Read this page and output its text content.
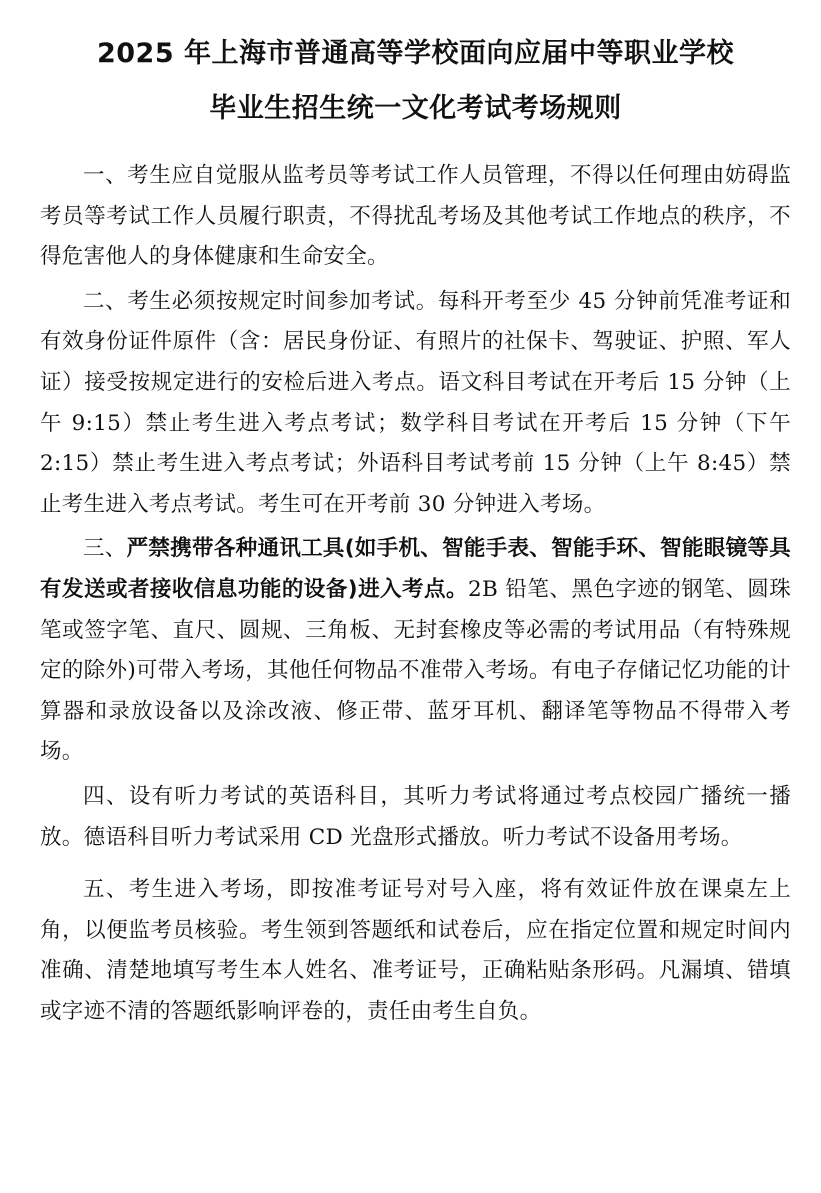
2025 年上海市普通高等学校面向应届中等职业学校
毕业生招生统一文化考试考场规则

一、考生应自觉服从监考员等考试工作人员管理，不得以任何理由妨碍监考员等考试工作人员履行职责，不得扰乱考场及其他考试工作地点的秩序，不得危害他人的身体健康和生命安全。

二、考生必须按规定时间参加考试。每科开考至少 45 分钟前凭准考证和有效身份证件原件（含：居民身份证、有照片的社保卡、驾驶证、护照、军人证）接受按规定进行的安检后进入考点。语文科目考试在开考后 15 分钟（上午 9:15）禁止考生进入考点考试；数学科目考试在开考后 15 分钟（下午 2:15）禁止考生进入考点考试；外语科目考试考前 15 分钟（上午 8:45）禁止考生进入考点考试。考生可在开考前 30 分钟进入考场。

三、严禁携带各种通讯工具(如手机、智能手表、智能手环、智能眼镜等具有发送或者接收信息功能的设备)进入考点。2B 铅笔、黑色字迹的钢笔、圆珠笔或签字笔、直尺、圆规、三角板、无封套橡皮等必需的考试用品（有特殊规定的除外)可带入考场，其他任何物品不准带入考场。有电子存储记忆功能的计算器和录放设备以及涂改液、修正带、蓝牙耳机、翻译笔等物品不得带入考场。

四、设有听力考试的英语科目，其听力考试将通过考点校园广播统一播放。德语科目听力考试采用 CD 光盘形式播放。听力考试不设备用考场。

五、考生进入考场，即按准考证号对号入座，将有效证件放在课桌左上角，以便监考员核验。考生领到答题纸和试卷后，应在指定位置和规定时间内准确、清楚地填写考生本人姓名、准考证号，正确粘贴条形码。凡漏填、错填或字迹不清的答题纸影响评卷的，责任由考生自负。
